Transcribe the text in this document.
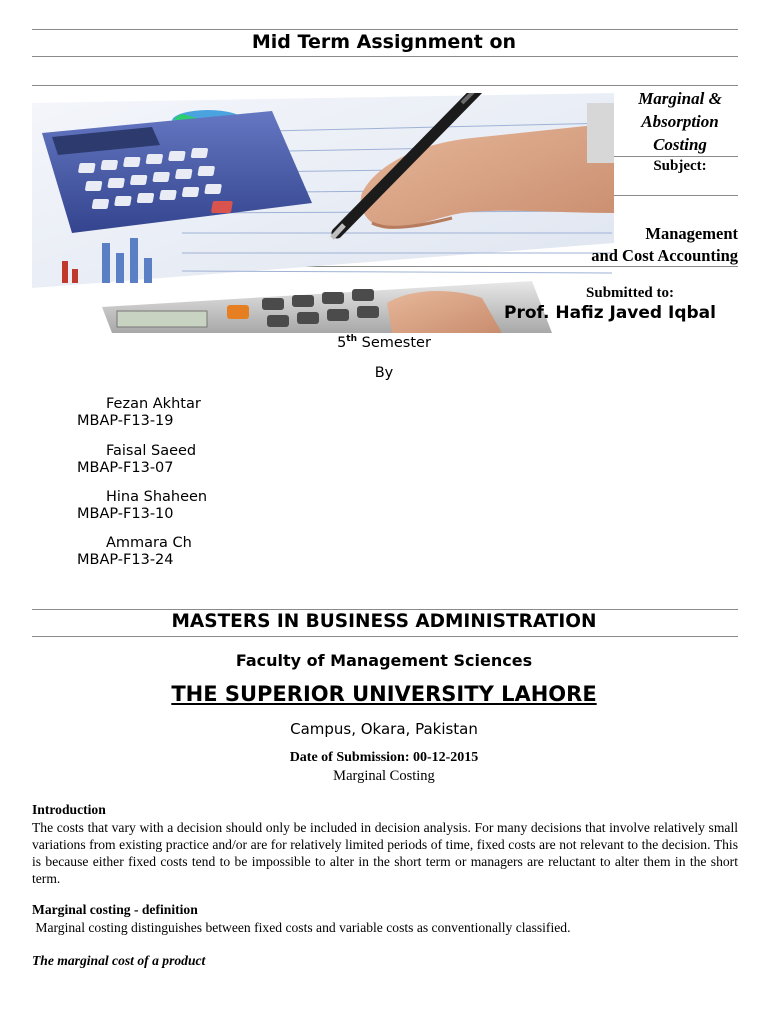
Mid Term Assignment on
Marginal &
Absorption
Costing
Subject:
Management
and Cost Accounting
Submitted to:
Prof. Hafiz Javed Iqbal
5th Semester
By
Fezan Akhtar
MBAP-F13-19
Faisal Saeed
MBAP-F13-07
Hina Shaheen
MBAP-F13-10
Ammara Ch
MBAP-F13-24
MASTERS IN BUSINESS ADMINISTRATION
Faculty of Management Sciences
THE SUPERIOR UNIVERSITY LAHORE
Campus, Okara, Pakistan
Date of Submission: 00-12-2015
Marginal Costing
Introduction
The costs that vary with a decision should only be included in decision analysis. For many decisions that involve relatively small variations from existing practice and/or are for relatively limited periods of time, fixed costs are not relevant to the decision. This is because either fixed costs tend to be impossible to alter in the short term or managers are reluctant to alter them in the short term.
Marginal costing - definition
Marginal costing distinguishes between fixed costs and variable costs as conventionally classified.
The marginal cost of a product
